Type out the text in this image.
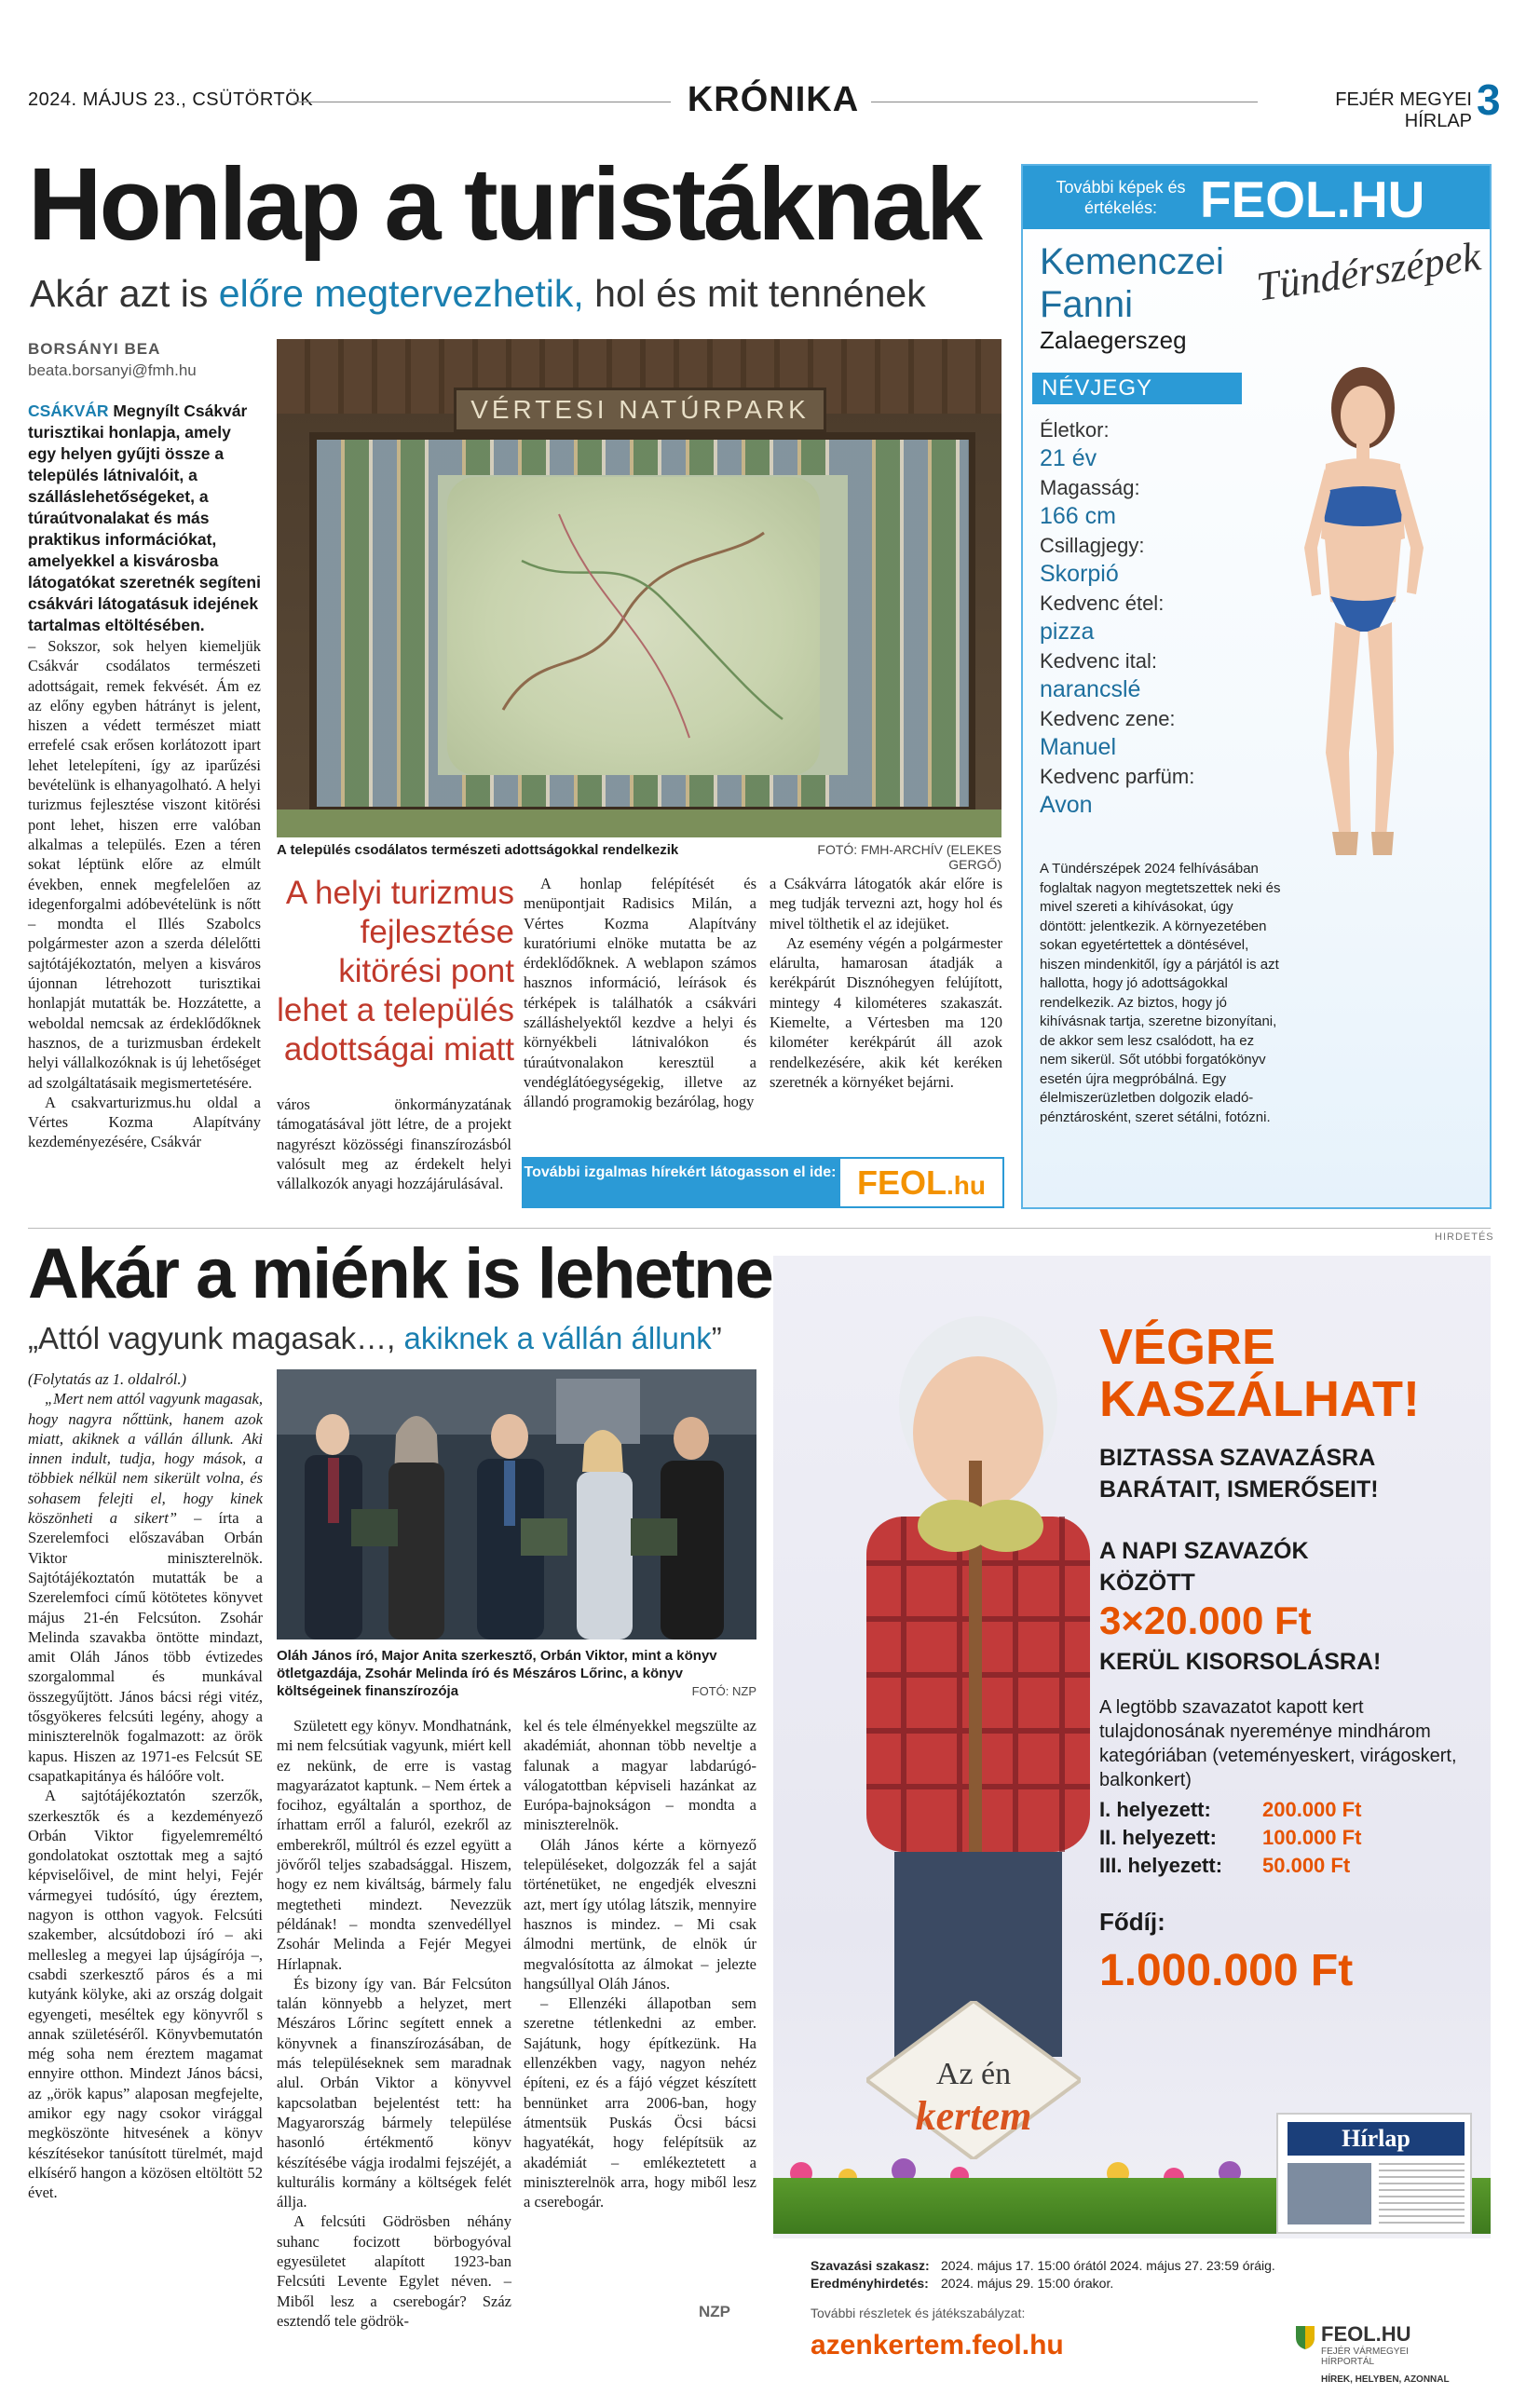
2024. MÁJUS 23., CSÜTÖRTÖK	KRÓNIKA	FEJÉR MEGYEI HÍRLAP 3
Honlap a turistáknak
Akár azt is előre megtervezhetik, hol és mit tennének
BORSÁNYI BEA
beata.borsanyi@fmh.hu
CSÁKVÁR Megnyílt Csákvár turisztikai honlapja, amely egy helyen gyűjti össze a település látnivalóit, a szálláslehetőségeket, a túraútvonalakat és más praktikus információkat, amelyekkel a kisvárosba látogatókat szeretnék segíteni csákvári látogatásuk idejének tartalmas eltöltésében.

– Sokszor, sok helyen kiemeljük Csákvár csodálatos természeti adottságait, remek fekvését. Ám ez az előny egyben hátrányt is jelent, hiszen a védett természet miatt errefelé csak erősen korlátozott ipart lehet letelepíteni, így az iparűzési bevételünk is elhanyagolható. A helyi turizmus fejlesztése viszont kitörési pont lehet, hiszen erre valóban alkalmas a település. Ezen a téren sokat léptünk előre az elmúlt években, ennek megfelelően az idegenforgalmi adóbevételünk is nőtt – mondta el Illés Szabolcs polgármester azon a szerda délelőtti sajtótájékoztatón, melyen a kisváros újonnan létrehozott turisztikai honlapját mutatták be. Hozzátette, a weboldal nemcsak az érdeklődőknek hasznos, de a turizmusban érdekelt helyi vállalkozóknak is új lehetőséget ad szolgáltatásaik megismertetésére.

A csakvarturizmus.hu oldal a Vértes Kozma Alapítvány kezdeményezésére, Csákvár

VÉRTESI NATÚRPARK
A település csodálatos természeti adottságokkal rendelkezik	FOTÓ: FMH-ARCHÍV (ELEKES GERGŐ)
A helyi turizmus fejlesztése kitörési pont lehet a település adottságai miatt

város önkormányzatának támogatásával jött létre, de a projekt nagyrészt közösségi finanszírozásból valósult meg az érdekelt helyi vállalkozók anyagi hozzájárulásával.

A honlap felépítését és menüpontjait Radisics Milán, a Vértes Kozma Alapítvány kuratóriumi elnöke mutatta be az érdeklődőknek. A weblapon számos hasznos információ, leírások és térképek is találhatók a csákvári szálláshelyektől kezdve a helyi és környékbeli látnivalókon és túraútvonalakon keresztül a vendéglátóegységekig, illetve az állandó programokig bezárólag, hogy

a Csákvárra látogatók akár előre is meg tudják tervezni azt, hogy hol és mivel tölthetik el az idejüket.

Az esemény végén a polgármester elárulta, hamarosan átadják a kerékpárút Disznóhegyen felújított, mintegy 4 kilométeres szakaszát. Kiemelte, a Vértesben ma 120 kilométer kerékpárút áll azok rendelkezésére, akik két keréken szeretnék a környéket bejárni.

További izgalmas hírekért látogasson el ide: FEOL.hu
További képek és értékelés: FEOL.HU
Kemenczei
Fanni
Zalaegerszeg
Tündérszépek
NÉVJEGY
Életkor:
21 év
Magasság:
166 cm
Csillagjegy:
Skorpió
Kedvenc étel:
pizza
Kedvenc ital:
narancslé
Kedvenc zene:
Manuel
Kedvenc parfüm:
Avon
A Tündérszépek 2024 felhívásában foglaltak nagyon megtetszettek neki és mivel szereti a kihívásokat, úgy döntött: jelentkezik. A környezetében sokan egyetértettek a döntésével, hiszen mindenkitől, így a párjától is azt hallotta, hogy jó adottságokkal rendelkezik. Az biztos, hogy jó kihívásnak tartja, szeretne bizonyítani, de akkor sem lesz csalódott, ha ez nem sikerül. Sőt utóbbi forgatókönyv esetén újra megpróbálná. Egy élelmiszerüzletben dolgozik eladó-pénztárosként, szeret sétálni, fotózni.
HIRDETÉS
Akár a miénk is lehetne
„Attól vagyunk magasak…, akiknek a vállán állunk”

(Folytatás az 1. oldalról.)

„Mert nem attól vagyunk magasak, hogy nagyra nőttünk, hanem azok miatt, akiknek a vállán állunk. Aki innen indult, tudja, hogy mások, a többiek nélkül nem sikerült volna, és sohasem felejti el, hogy kinek köszönheti a sikert” – írta a Szerelemfoci előszavában Orbán Viktor miniszterelnök. Sajtótájékoztatón mutatták be a Szerelemfoci című kötötetes könyvet május 21-én Felcsúton. Zsohár Melinda szavakba öntötte mindazt, amit Oláh János több évtizedes szorgalommal és munkával összegyűjtött. János bácsi régi vitéz, tősgyökeres felcsúti legény, ahogy a miniszterelnök fogalmazott: az örök kapus. Hiszen az 1971-es Felcsút SE csapatkapitánya és hálóőre volt.

A sajtótájékoztatón szerzők, szerkesztők és a kezdeményező Orbán Viktor figyelemreméltó gondolatokat osztottak meg a sajtó képviselőivel, de mint helyi, Fejér vármegyei tudósító, úgy éreztem, nagyon is otthon vagyok. Felcsúti szakember, alcsútdobozi író – aki mellesleg a megyei lap újságírója –, csabdi szerkesztő páros és a mi kutyánk kölyke, aki az ország dolgait egyengeti, meséltek egy könyvről s annak születéséről. Könyvbemutatón még soha nem éreztem magamat ennyire otthon. Mindezt János bácsi, az „örök kapus” alaposan megfejelte, amikor egy nagy csokor virággal megköszönte hitvesének a könyv készítésekor tanúsított türelmét, majd elkísérő hangon a közösen eltöltött 52 évet.

Oláh János író, Major Anita szerkesztő, Orbán Viktor, mint a könyv ötletgazdája, Zsohár Melinda író és Mészáros Lőrinc, a könyv költségeinek finanszírozója	FOTÓ: NZP

Született egy könyv. Mondhatnánk, mi nem felcsútiak vagyunk, miért kell ez nekünk, de erre is vastag magyarázatot kaptunk. – Nem értek a focihoz, egyáltalán a sporthoz, de írhattam erről a faluról, ezekről az emberekről, múltról és ezzel együtt a jövőről teljes szabadsággal. Hiszem, hogy ez nem kiváltság, bármely falu megtetheti mindezt. Nevezzük példának! – mondta szenvedéllyel Zsohár Melinda a Fejér Megyei Hírlapnak.

És bizony így van. Bár Felcsúton talán könnyebb a helyzet, mert Mészáros Lőrinc segített ennek a könyvnek a finanszírozásában, de más településeknek sem maradnak alul. Orbán Viktor a könyvvel kapcsolatban bejelentést tett: ha Magyarország bármely települése hasonló értékmentő könyv készítésébe vágja irodalmi fejszéjét, a kulturális kormány a költségek felét állja.

A felcsúti Gödrösben néhány suhanc focizott börbogyóval egyesületet alapított 1923-ban Felcsúti Levente Egylet néven. – Miből lesz a cserebogár? Száz esztendő tele gödrök-

kel és tele élményekkel megszülte az akadémiát, ahonnan több neveltje a falunak a magyar labdarúgó-válogatottban képviseli hazánkat az Európa-bajnokságon – mondta a miniszterelnök.

Oláh János kérte a környező településeket, dolgozzák fel a saját történetüket, ne engedjék elveszni azt, mert így utólag látszik, mennyire hasznos is mindez. – Mi csak álmodni mertünk, de elnök úr megvalósította az álmokat – jelezte hangsúllyal Oláh János.

– Ellenzéki állapotban sem szeretne tétlenkedni az ember. Sajátunk, hogy építkezünk. Ha ellenzékben vagy, nagyon nehéz építeni, ez és a fájó végzet készített bennünket arra 2006-ban, hogy átmentsük Puskás Öcsi bácsi hagyatékát, hogy felépítsük az akadémiát – emlékeztetett a miniszterelnök arra, hogy miből lesz a cserebogár.

NZP
Az én
kertem	Hírlap
VÉGRE
KASZÁLHAT!
BIZTASSA SZAVAZÁSRA
BARÁTAIT, ISMERŐSEIT!
A NAPI SZAVAZÓK
KÖZÖTT
3×20.000 Ft
KERÜL KISORSOLÁSRA!
A legtöbb szavazatot kapott kert tulajdonosának nyereménye mindhárom kategóriában (veteményeskert, virágoskert, balkonkert)
I. helyezett:	200.000 Ft
II. helyezett: 100.000 Ft
III. helyezett: 50.000 Ft
Fődíj:
1.000.000 Ft
Szavazási szakasz: 2024. május 17. 15:00 órától 2024. május 27. 23:59 óráig.
Eredményhirdetés: 2024. május 29. 15:00 órakor.
További részletek és játékszabályzat:
azenkertem.feol.hu	FEOL.HU
FEJÉR VÁRMEGYEI HÍRPORTÁL
HÍREK, HELYBEN, AZONNAL
